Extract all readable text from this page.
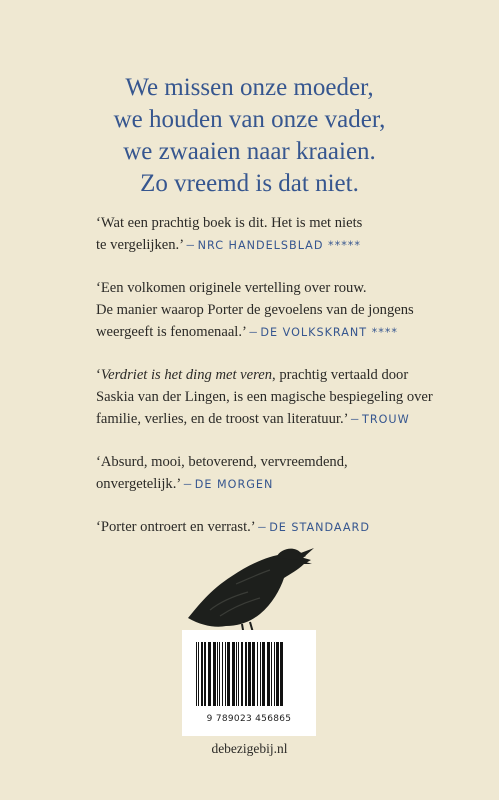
We missen onze moeder,
we houden van onze vader,
we zwaaien naar kraaien.
Zo vreemd is dat niet.
‘Wat een prachtig boek is dit. Het is met niets
te vergelijken.’ – NRC HANDELSBLAD *****
‘Een volkomen originele vertelling over rouw.
De manier waarop Porter de gevoelens van de jongens
weergeeft is fenomenaal.’ – DE VOLKSKRANT ****
‘Verdriet is het ding met veren, prachtig vertaald door
Saskia van der Lingen, is een magische bespiegeling over
familie, verlies, en de troost van literatuur.’ – TROUW
‘Absurd, mooi, betoverend, vervreemdend,
onvergetelijk.’ – DE MORGEN
‘Porter ontroert en verrast.’ – DE STANDAARD
9 789023 456865
debezigebij.nl
